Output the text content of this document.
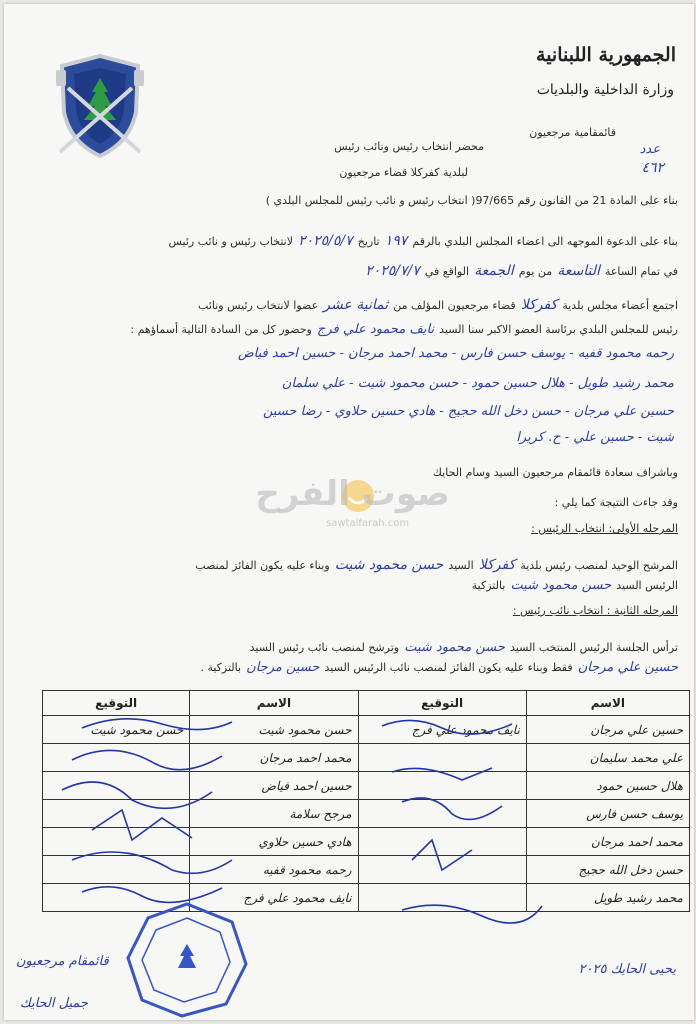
الجمهورية اللبنانية
وزارة الداخلية والبلديات
قائمقامية مرجعيون
عدد
٤٦٢
محضر انتخاب رئيس ونائب رئيس
لبلدية كفركلا قضاء مرجعيون
بناء على المادة 21 من القانون رقم 97/665( انتخاب رئيس و نائب رئيس للمجلس البلدي )
بناء على الدعوة الموجهه الى اعضاء المجلس البلدي بالرقم ١٩٧ تاريخ ٢٠٢٥/٥/٧ لانتخاب رئيس و نائب رئيس
في تمام الساعة التاسعة من يوم الجمعة الواقع في ٢٠٢٥/٧/٧
اجتمع أعضاء مجلس بلدية كفركلا قضاء مرجعيون المؤلف من ثمانية عشر عضوا لانتخاب رئيس ونائب
رئيس للمجلس البلدي برئاسة العضو الاكبر سنا السيد نايف محمود علي فرج وحضور كل من السادة التالية أسماؤهم :
رحمه محمود قفيه - يوسف حسن فارس - محمد احمد مرجان - حسين احمد فياض
محمد رشيد طويل - هلال حسين حمود - حسن محمود شيت - علي سلمان
حسين علي مرجان - حسن دخل الله حجيج - هادي حسين حلاوي - رضا حسين
شيت - حسين علي - ح. كريرا
وباشراف سعادة قائمقام مرجعيون السيد وسام الحايك
وقد جاءت النتيجة كما يلي :
صوت الفرح
sawtalfarah.com	المرحله الأولى: انتخاب الرئيس :
المرشح الوحيد لمنصب رئيس بلدية كفركلا السيد حسن محمود شيت وبناء عليه يكون الفائز لمنصب
الرئيس السيد حسن محمود شيت بالتزكية
المرحله الثانية : انتخاب نائب رئيس :
ترأس الجلسة الرئيس المنتخب السيد حسن محمود شيت وترشح لمنصب نائب رئيس السيد
حسين علي مرجان فقط وبناء عليه يكون الفائز لمنصب نائب الرئيس السيد حسين مرجان بالتزكية .
الاسم	التوقيع	الاسم	التوقيع
حسين علي مرجان	نايف محمود علي فرج	حسن محمود شيت	حسن محمود شيت
علي محمد سليمان		محمد احمد مرجان	
هلال حسين حمود		حسين احمد فياض	
يوسف حسن فارس		مرجح سلامة	
محمد احمد مرجان		هادي حسين حلاوي	
حسن دخل الله حجيج		رحمه محمود قفيه	
محمد رشيد طويل		نايف محمود علي فرج	
قائمقام مرجعيون
جميل الحايك
يحيى الحايك ٢٠٢٥
